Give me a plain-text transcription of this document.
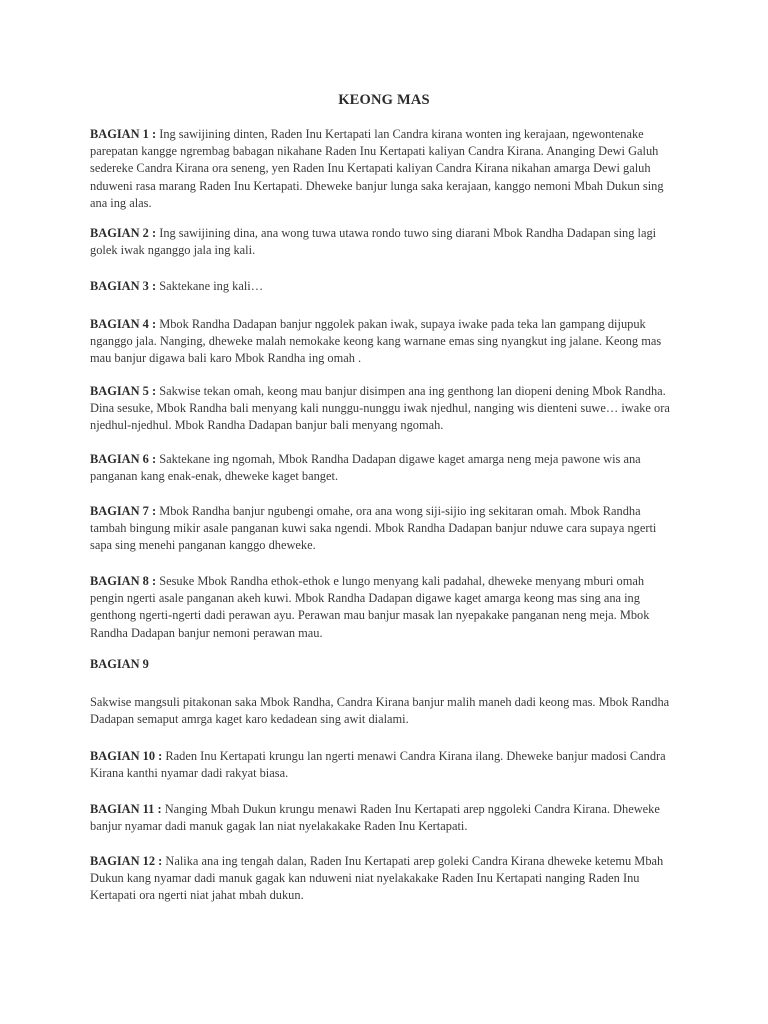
KEONG MAS

BAGIAN 1 : Ing sawijining dinten, Raden Inu Kertapati lan Candra kirana wonten ing kerajaan, ngewontenake parepatan kangge ngrembag babagan nikahane Raden Inu Kertapati kaliyan Candra Kirana. Ananging Dewi Galuh sedereke Candra Kirana ora seneng, yen Raden Inu Kertapati kaliyan Candra Kirana nikahan amarga Dewi galuh nduweni rasa marang Raden Inu Kertapati. Dheweke banjur lunga saka kerajaan, kanggo nemoni Mbah Dukun sing ana ing alas.

BAGIAN 2 : Ing sawijining dina, ana wong tuwa utawa rondo tuwo sing diarani Mbok Randha Dadapan sing lagi golek iwak nganggo jala ing kali.

BAGIAN 3 : Saktekane ing kali…

BAGIAN 4 : Mbok Randha Dadapan banjur nggolek pakan iwak, supaya iwake pada teka lan gampang dijupuk nganggo jala. Nanging, dheweke malah nemokake keong kang warnane emas sing nyangkut ing jalane. Keong mas mau banjur digawa bali karo Mbok Randha ing omah .

BAGIAN 5 : Sakwise tekan omah, keong mau banjur disimpen ana ing genthong lan diopeni dening Mbok Randha. Dina sesuke, Mbok Randha bali menyang kali nunggu-nunggu iwak njedhul, nanging wis dienteni suwe… iwake ora njedhul-njedhul. Mbok Randha Dadapan banjur bali menyang ngomah.

BAGIAN 6 : Saktekane ing ngomah, Mbok Randha Dadapan digawe kaget amarga neng meja pawone wis ana panganan kang enak-enak, dheweke kaget banget.

BAGIAN 7 : Mbok Randha banjur ngubengi omahe, ora ana wong siji-sijio ing sekitaran omah. Mbok Randha tambah bingung mikir asale panganan kuwi saka ngendi. Mbok Randha Dadapan banjur nduwe cara supaya ngerti sapa sing menehi panganan kanggo dheweke.

BAGIAN 8 : Sesuke Mbok Randha ethok-ethok e lungo menyang kali padahal, dheweke menyang mburi omah pengin ngerti asale panganan akeh kuwi. Mbok Randha Dadapan digawe kaget amarga keong mas sing ana ing genthong ngerti-ngerti dadi perawan ayu. Perawan mau banjur masak lan nyepakake panganan neng meja. Mbok Randha Dadapan banjur nemoni perawan mau.

BAGIAN 9

Sakwise mangsuli pitakonan saka Mbok Randha, Candra Kirana banjur malih maneh dadi keong mas. Mbok Randha Dadapan semaput amrga kaget karo kedadean sing awit dialami.

BAGIAN 10 : Raden Inu Kertapati krungu lan ngerti menawi Candra Kirana ilang. Dheweke banjur madosi Candra Kirana kanthi nyamar dadi rakyat biasa.

BAGIAN 11 : Nanging Mbah Dukun krungu menawi Raden Inu Kertapati arep nggoleki Candra Kirana. Dheweke banjur nyamar dadi manuk gagak lan niat nyelakakake Raden Inu Kertapati.

BAGIAN 12 : Nalika ana ing tengah dalan, Raden Inu Kertapati arep goleki Candra Kirana dheweke ketemu Mbah Dukun kang nyamar dadi manuk gagak kan nduweni niat nyelakakake Raden Inu Kertapati nanging Raden Inu Kertapati ora ngerti niat jahat mbah dukun.
